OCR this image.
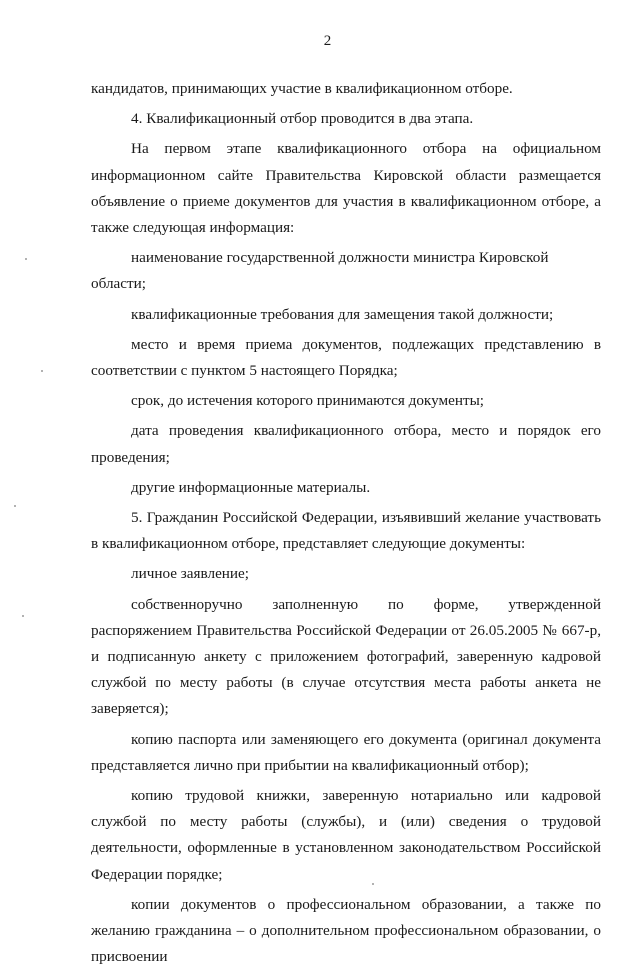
2

кандидатов, принимающих участие в квалификационном отборе.

4. Квалификационный отбор проводится в два этапа.

На первом этапе квалификационного отбора на официальном информационном сайте Правительства Кировской области размещается объявление о приеме документов для участия в квалификационном отборе, а также следующая информация:

наименование государственной должности министра Кировской области;

квалификационные требования для замещения такой должности;

место и время приема документов, подлежащих представлению в соответствии с пунктом 5 настоящего Порядка;

срок, до истечения которого принимаются документы;

дата проведения квалификационного отбора, место и порядок его проведения;

другие информационные материалы.

5. Гражданин Российской Федерации, изъявивший желание участвовать в квалификационном отборе, представляет следующие документы:

личное заявление;

собственноручно заполненную по форме, утвержденной распоряжением Правительства Российской Федерации от 26.05.2005 № 667-р, и подписанную анкету с приложением фотографий, заверенную кадровой службой по месту работы (в случае отсутствия места работы анкета не заверяется);

копию паспорта или заменяющего его документа (оригинал документа представляется лично при прибытии на квалификационный отбор);

копию трудовой книжки, заверенную нотариально или кадровой службой по месту работы (службы), и (или) сведения о трудовой деятельности, оформленные в установленном законодательством Российской Федерации порядке;

копии документов о профессиональном образовании, а также по желанию гражданина – о дополнительном профессиональном образовании, о присвоении
